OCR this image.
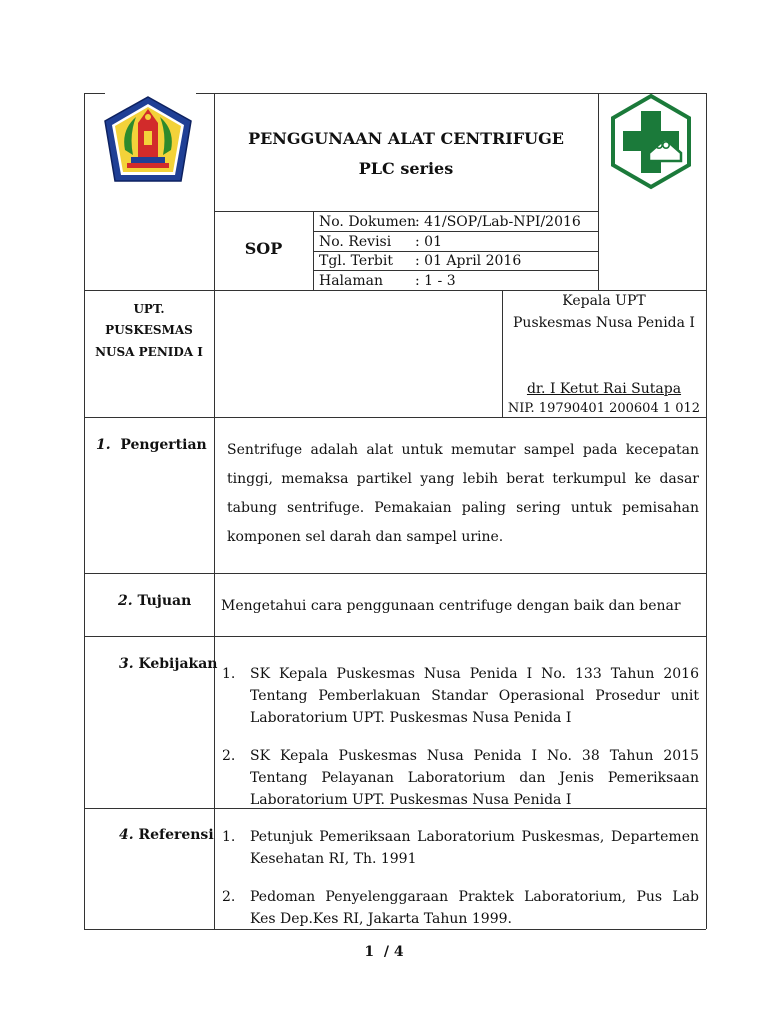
PENGGUNAAN ALAT CENTRIFUGE
PLC series
SOP
No. Dokumen
: 41/SOP/Lab-NPI/2016
No. Revisi : 01
Tgl. Terbit : 01 April 2016
Halaman : 1 - 3
UPT.
PUSKESMAS
NUSA PENIDA I
Kepala UPT
Puskesmas Nusa Penida I
dr. I Ketut Rai Sutapa
NIP. 19790401 200604 1 012
1. Pengertian Sentrifuge adalah alat untuk memutar sampel pada kecepatan tinggi, memaksa partikel yang lebih berat terkumpul ke dasar tabung sentrifuge. Pemakaian paling sering untuk pemisahan komponen sel darah dan sampel urine.
2. Tujuan Mengetahui cara penggunaan centrifuge dengan baik dan benar
3. Kebijakan
1. SK Kepala Puskesmas Nusa Penida I No. 133 Tahun 2016 Tentang Pemberlakuan Standar Operasional Prosedur unit Laboratorium UPT. Puskesmas Nusa Penida I
2. SK Kepala Puskesmas Nusa Penida I No. 38 Tahun 2015 Tentang Pelayanan Laboratorium dan Jenis Pemeriksaan Laboratorium UPT. Puskesmas Nusa Penida I
4. Referensi 1. Petunjuk Pemeriksaan Laboratorium Puskesmas, Departemen Kesehatan RI, Th. 1991
2. Pedoman Penyelenggaraan Praktek Laboratorium, Pus Lab Kes Dep.Kes RI, Jakarta Tahun 1999.
1 / 4
